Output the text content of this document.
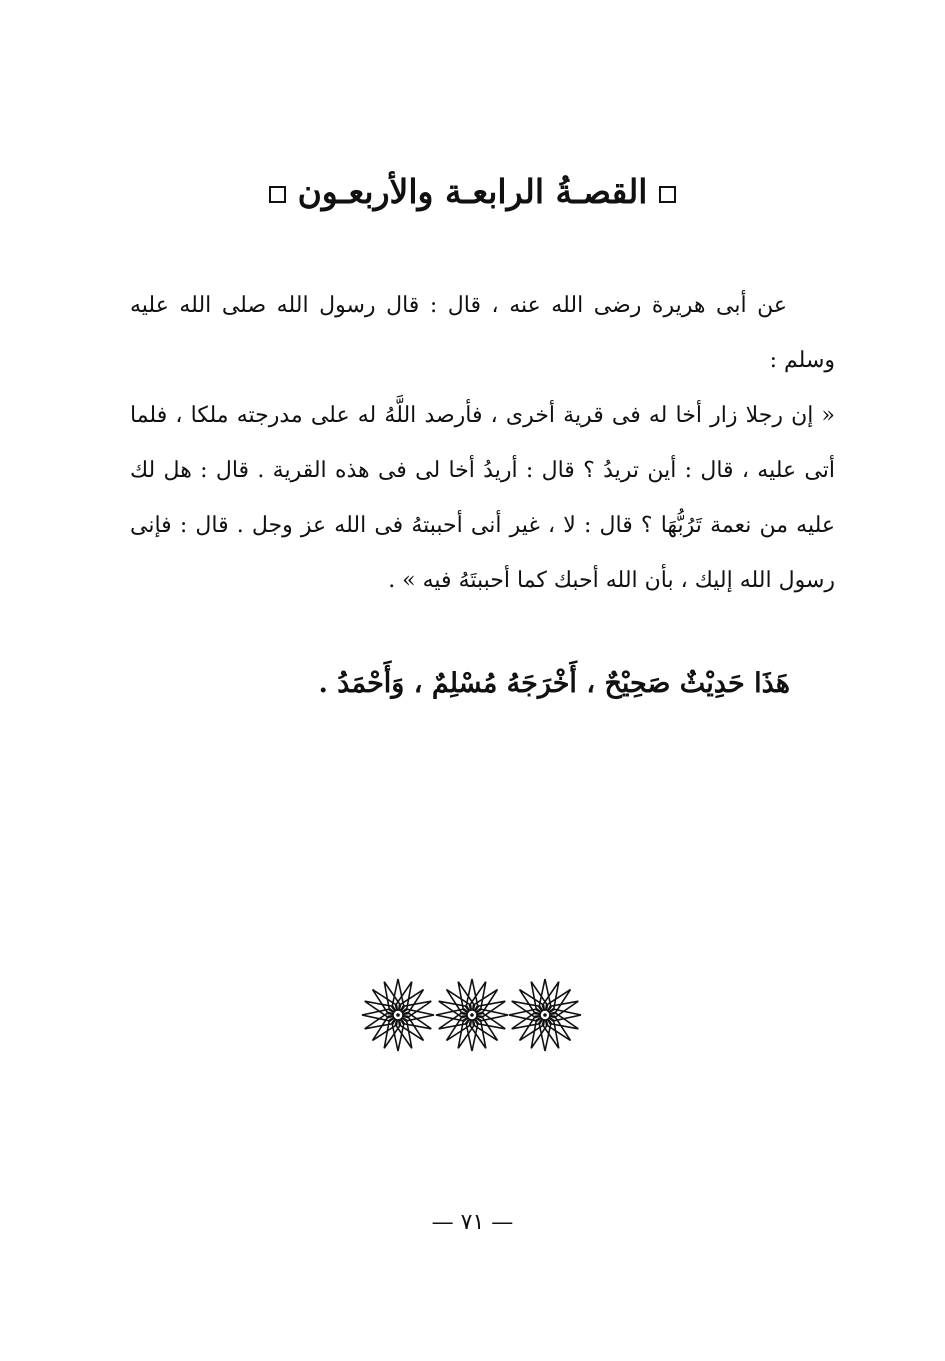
القصـةُ الرابعـة والأربعـون

عن أبى هريرة رضى الله عنه ، قال : قال رسول الله صلى الله عليه وسلم :

« إن رجلا زار أخا له فى قرية أخرى ، فأرصد اللَّهُ له على مدرجته ملكا ، فلما أتى عليه ، قال : أين تريدُ ؟ قال : أريدُ أخا لى فى هذه القرية . قال : هل لك عليه من نعمة تَرُبُّهَا ؟ قال : لا ، غير أنى أحببتهُ فى الله عز وجل . قال : فإنى رسول الله إليك ، بأن الله أحبك كما أحببتَهُ فيه » .

هَذَا حَدِيْثٌ صَحِيْحٌ ، أَخْرَجَهُ مُسْلِمٌ ، وَأَحْمَدُ .
— ٧١ —
